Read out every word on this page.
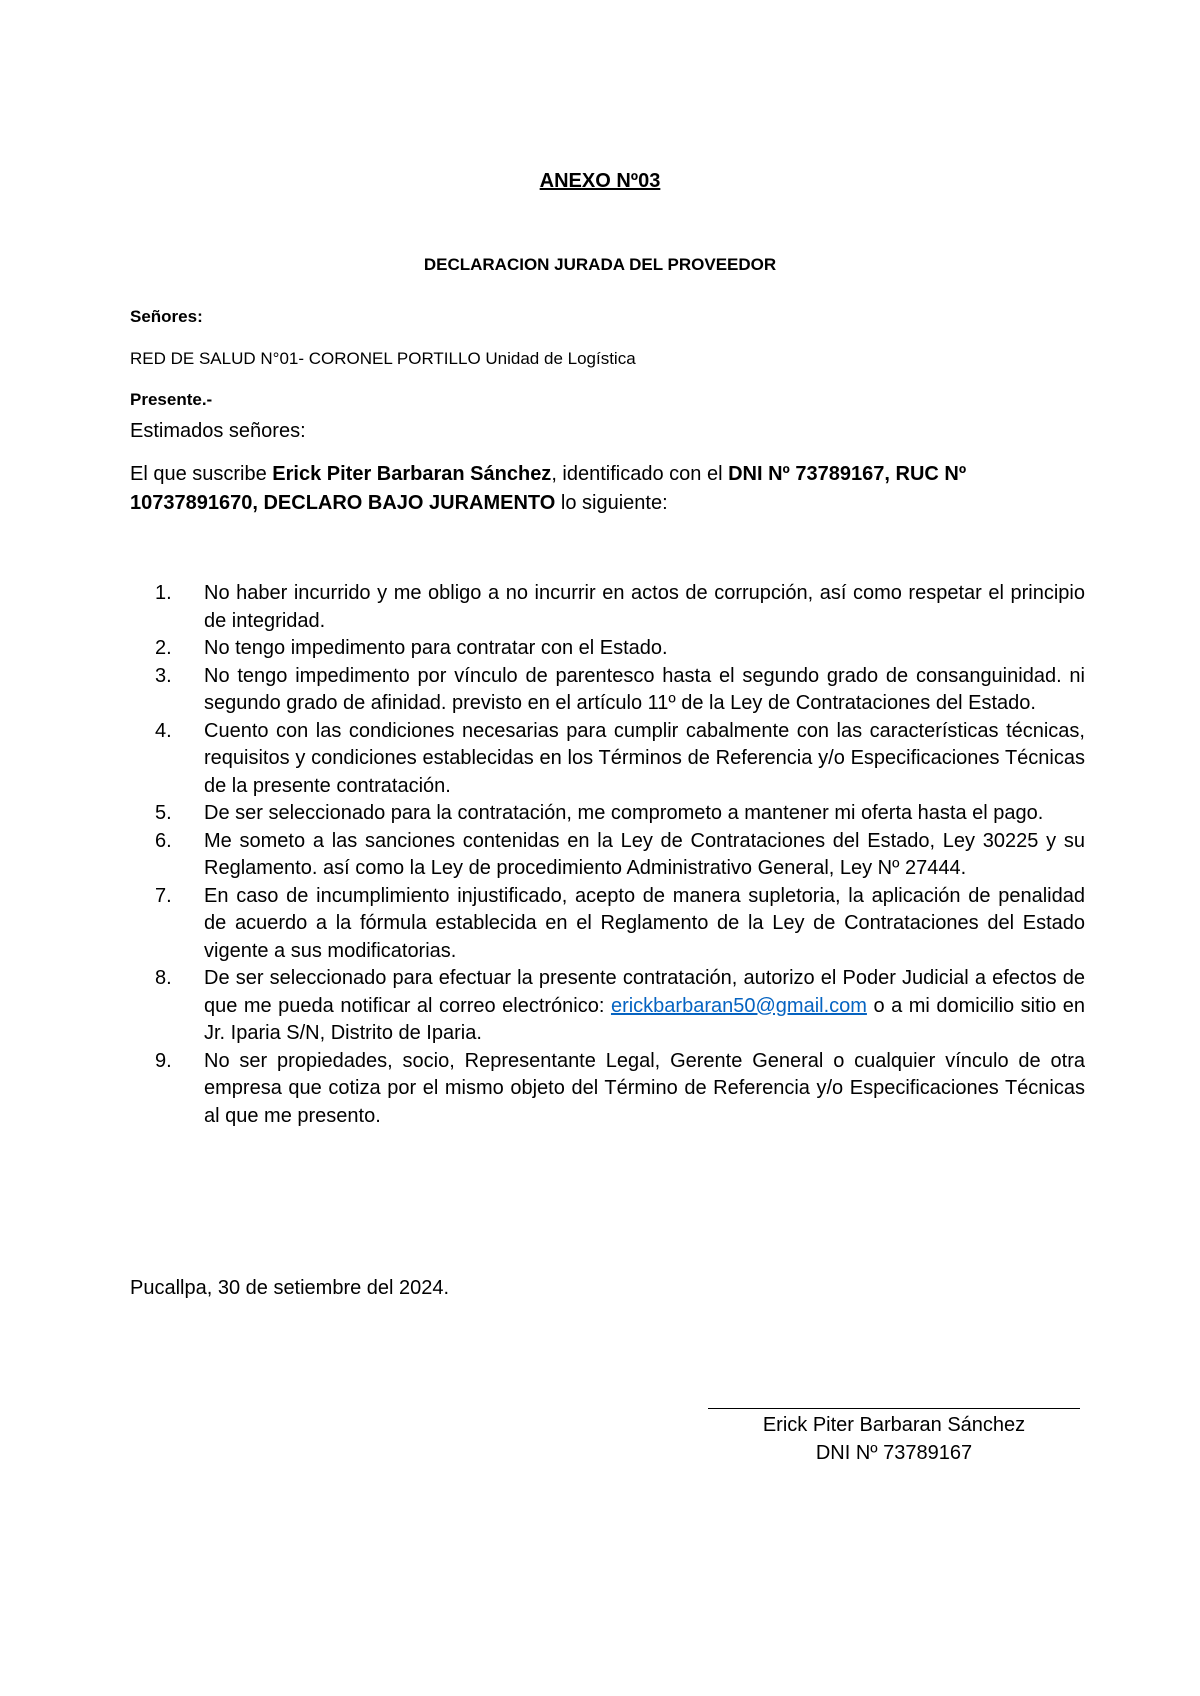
ANEXO Nº03
DECLARACION JURADA DEL PROVEEDOR
Señores:
RED DE SALUD N°01- CORONEL PORTILLO Unidad de Logística
Presente.-
Estimados señores:
El que suscribe Erick Piter Barbaran Sánchez, identificado con el DNI Nº 73789167, RUC Nº 10737891670, DECLARO BAJO JURAMENTO lo siguiente:
1. No haber incurrido y me obligo a no incurrir en actos de corrupción, así como respetar el principio de integridad.
2. No tengo impedimento para contratar con el Estado.
3. No tengo impedimento por vínculo de parentesco hasta el segundo grado de consanguinidad. ni segundo grado de afinidad. previsto en el artículo 11º de la Ley de Contrataciones del Estado.
4. Cuento con las condiciones necesarias para cumplir cabalmente con las características técnicas, requisitos y condiciones establecidas en los Términos de Referencia y/o Especificaciones Técnicas de la presente contratación.
5. De ser seleccionado para la contratación, me comprometo a mantener mi oferta hasta el pago.
6. Me someto a las sanciones contenidas en la Ley de Contrataciones del Estado, Ley 30225 y su Reglamento. así como la Ley de procedimiento Administrativo General, Ley Nº 27444.
7. En caso de incumplimiento injustificado, acepto de manera supletoria, la aplicación de penalidad de acuerdo a la fórmula establecida en el Reglamento de la Ley de Contrataciones del Estado vigente a sus modificatorias.
8. De ser seleccionado para efectuar la presente contratación, autorizo el Poder Judicial a efectos de que me pueda notificar al correo electrónico: erickbarbaran50@gmail.com o a mi domicilio sitio en Jr. Iparia S/N, Distrito de Iparia.
9. No ser propiedades, socio, Representante Legal, Gerente General o cualquier vínculo de otra empresa que cotiza por el mismo objeto del Término de Referencia y/o Especificaciones Técnicas al que me presento.
Pucallpa, 30 de setiembre del 2024.
Erick Piter Barbaran Sánchez
DNI Nº 73789167
